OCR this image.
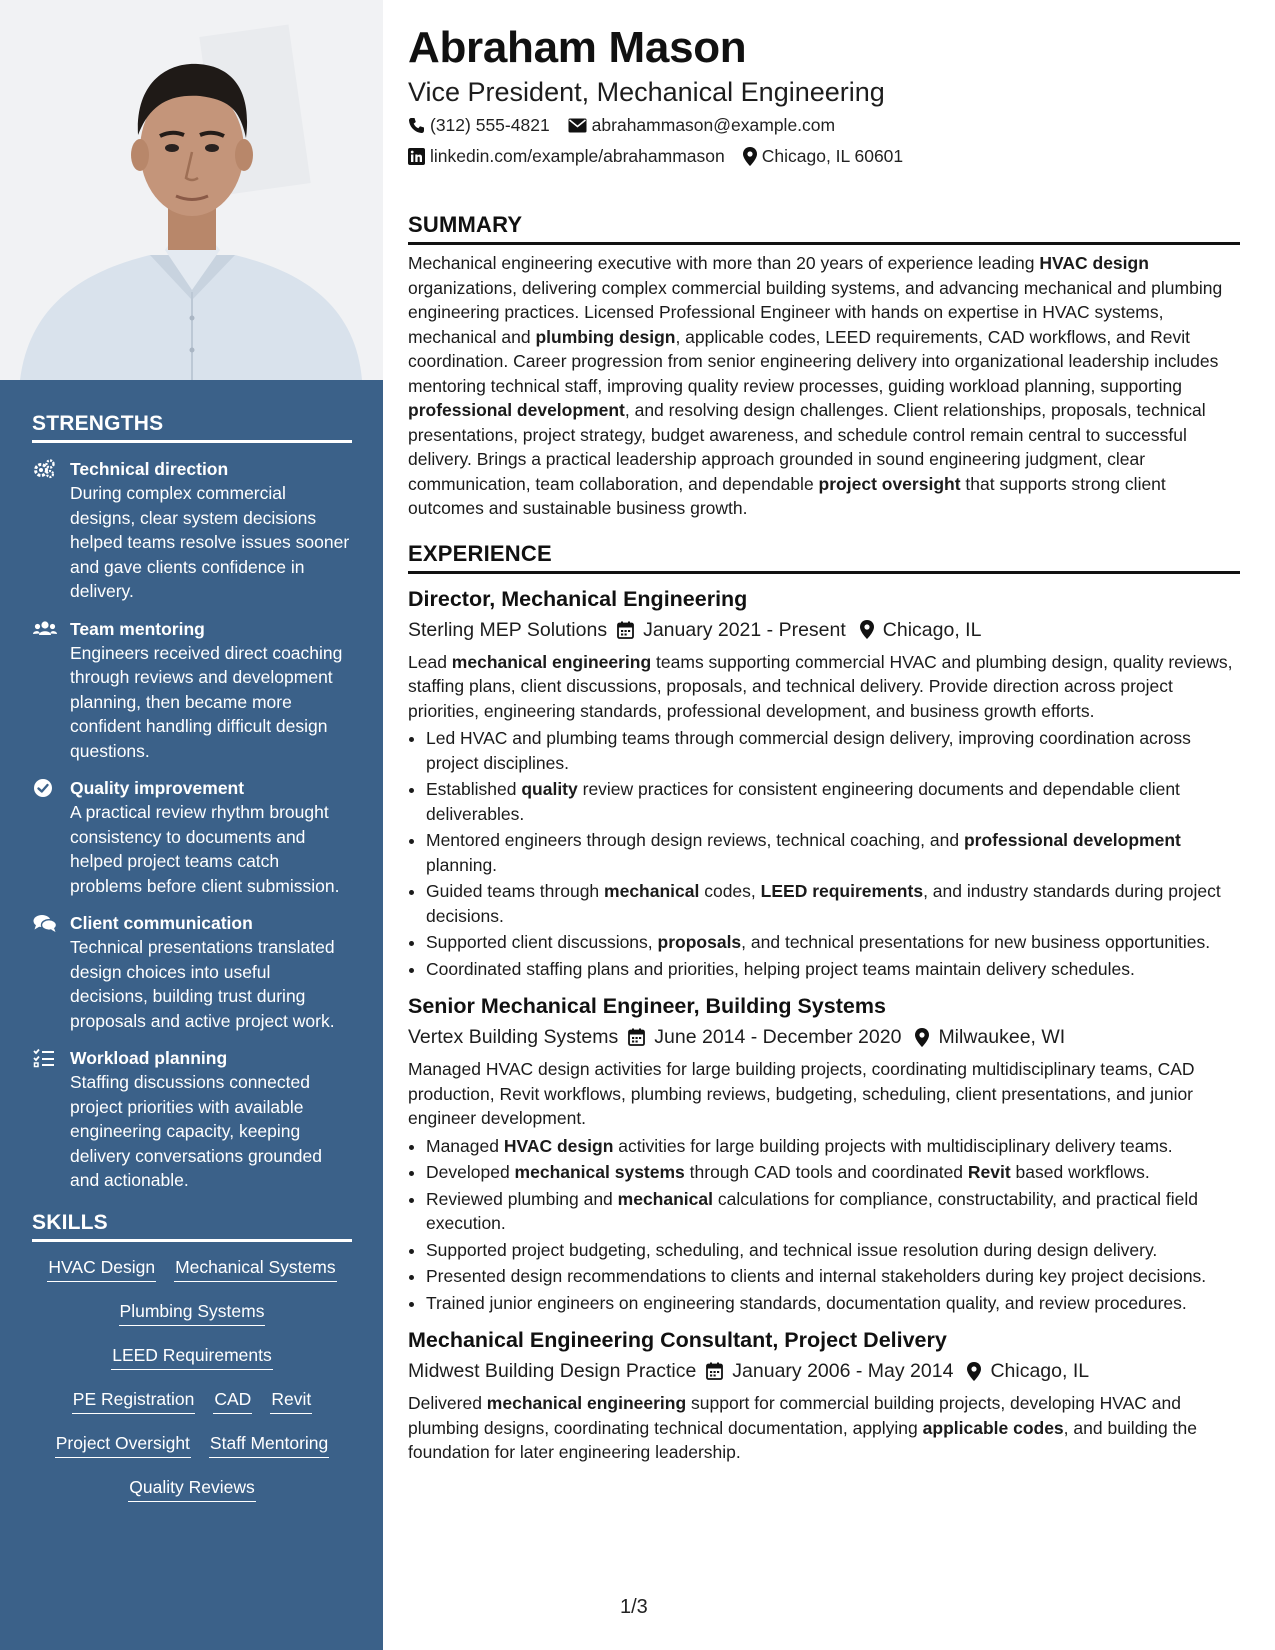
STRENGTHS
Technical direction
During complex commercial designs, clear system decisions helped teams resolve issues sooner and gave clients confidence in delivery.
Team mentoring
Engineers received direct coaching through reviews and development planning, then became more confident handling difficult design questions.
Quality improvement
A practical review rhythm brought consistency to documents and helped project teams catch problems before client submission.
Client communication
Technical presentations translated design choices into useful decisions, building trust during proposals and active project work.
Workload planning
Staffing discussions connected project priorities with available engineering capacity, keeping delivery conversations grounded and actionable.
SKILLS
HVAC Design Mechanical Systems
Plumbing Systems
LEED Requirements
PE Registration CAD Revit
Project Oversight Staff Mentoring
Quality Reviews
Abraham Mason
Vice President, Mechanical Engineering
(312) 555-4821 abrahammason@example.com
linkedin.com/example/abrahammason Chicago, IL 60601
SUMMARY

Mechanical engineering executive with more than 20 years of experience leading HVAC design organizations, delivering complex commercial building systems, and advancing mechanical and plumbing engineering practices. Licensed Professional Engineer with hands on expertise in HVAC systems, mechanical and plumbing design, applicable codes, LEED requirements, CAD workflows, and Revit coordination. Career progression from senior engineering delivery into organizational leadership includes mentoring technical staff, improving quality review processes, guiding workload planning, supporting professional development, and resolving design challenges. Client relationships, proposals, technical presentations, project strategy, budget awareness, and schedule control remain central to successful delivery. Brings a practical leadership approach grounded in sound engineering judgment, clear communication, team collaboration, and dependable project oversight that supports strong client outcomes and sustainable business growth.

EXPERIENCE
Director, Mechanical Engineering
Sterling MEP Solutions January 2021 - Present Chicago, IL

Lead mechanical engineering teams supporting commercial HVAC and plumbing design, quality reviews, staffing plans, client discussions, proposals, and technical delivery. Provide direction across project priorities, engineering standards, professional development, and business growth efforts.

• Led HVAC and plumbing teams through commercial design delivery, improving coordination across project disciplines.
• Established quality review practices for consistent engineering documents and dependable client deliverables.
• Mentored engineers through design reviews, technical coaching, and professional development planning.
• Guided teams through mechanical codes, LEED requirements, and industry standards during project decisions.
• Supported client discussions, proposals, and technical presentations for new business opportunities.
• Coordinated staffing plans and priorities, helping project teams maintain delivery schedules.
Senior Mechanical Engineer, Building Systems
Vertex Building Systems June 2014 - December 2020 Milwaukee, WI

Managed HVAC design activities for large building projects, coordinating multidisciplinary teams, CAD production, Revit workflows, plumbing reviews, budgeting, scheduling, client presentations, and junior engineer development.

• Managed HVAC design activities for large building projects with multidisciplinary delivery teams.
• Developed mechanical systems through CAD tools and coordinated Revit based workflows.
• Reviewed plumbing and mechanical calculations for compliance, constructability, and practical field execution.
• Supported project budgeting, scheduling, and technical issue resolution during design delivery.
• Presented design recommendations to clients and internal stakeholders during key project decisions.
• Trained junior engineers on engineering standards, documentation quality, and review procedures.
Mechanical Engineering Consultant, Project Delivery
Midwest Building Design Practice January 2006 - May 2014 Chicago, IL

Delivered mechanical engineering support for commercial building projects, developing HVAC and plumbing designs, coordinating technical documentation, applying applicable codes, and building the foundation for later engineering leadership.

1/3
